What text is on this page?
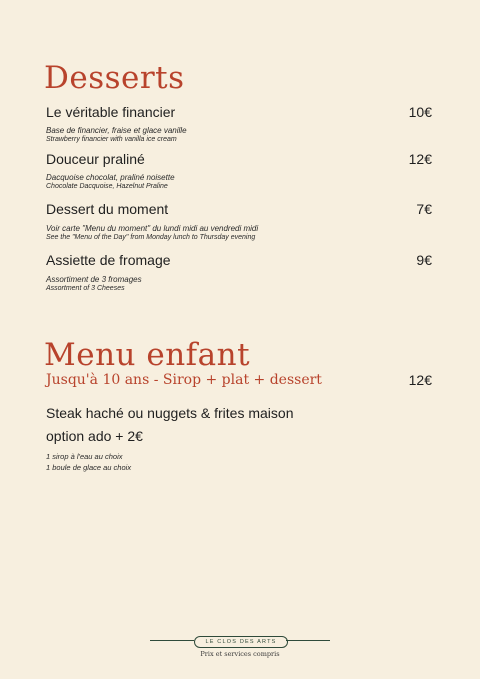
Desserts
Le véritable financier	10€
Base de financier, fraise et glace vanille
Strawberry financier with vanilla ice cream
Douceur praliné	12€
Dacquoise chocolat, praliné noisette
Chocolate Dacquoise, Hazelnut Praline
Dessert du moment	7€
Voir carte "Menu du moment" du lundi midi au vendredi midi
See the "Menu of the Day" from Monday lunch to Thursday evening
Assiette de fromage	9€
Assortiment de 3 fromages
Assortment of 3 Cheeses
Menu enfant
Jusqu'à 10 ans - Sirop + plat + dessert	12€
Steak haché ou nuggets & frites maison
option ado + 2€
1 sirop à l'eau au choix
1 boule de glace au choix
LE CLOS DES ARTS
Prix et services compris
